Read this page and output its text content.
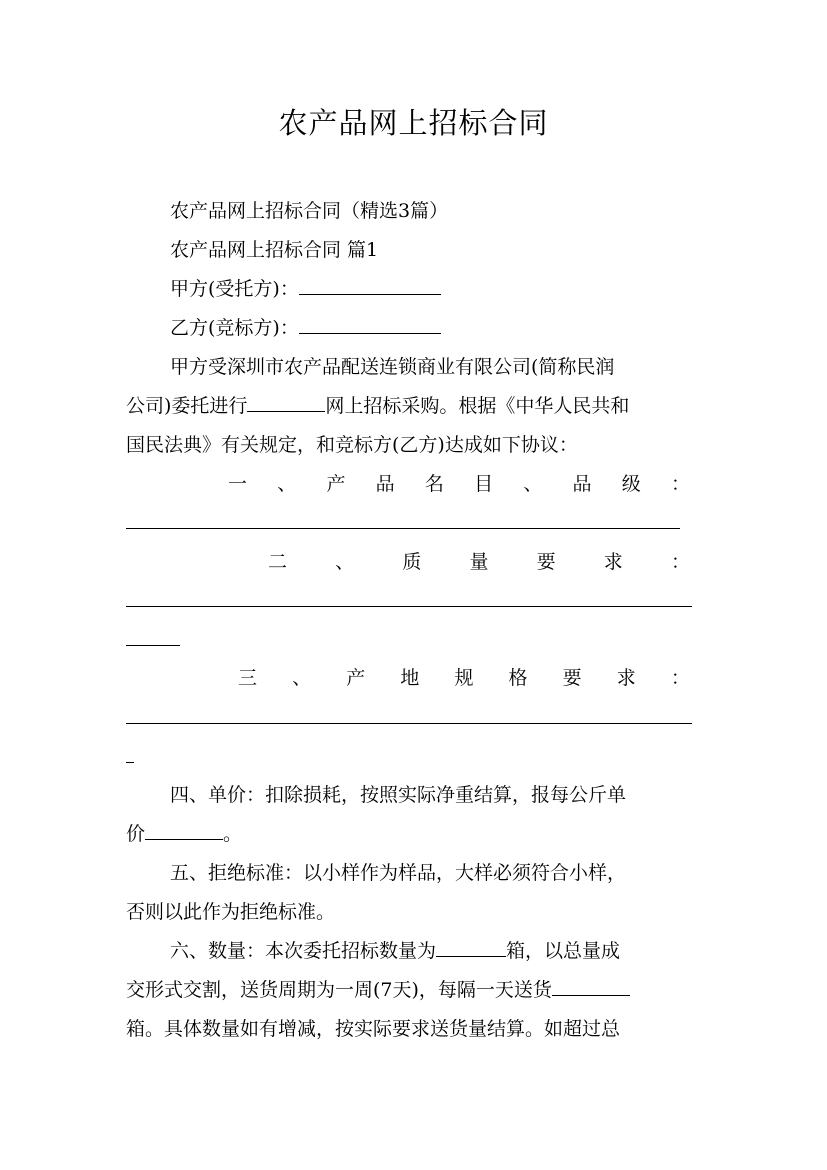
农产品网上招标合同
农产品网上招标合同（精选3篇）
农产品网上招标合同 篇1
甲方(受托方)：
乙方(竞标方)：
甲方受深圳市农产品配送连锁商业有限公司(简称民润
公司)委托进行	网上招标采购。根据《中华人民共和
国民法典》有关规定，和竞标方(乙方)达成如下协议：
一 、 产 品 名 目 、 品 级 ：
二	、	质	量	要	求	：
三 、 产 地 规 格 要 求 ：
四、单价：扣除损耗，按照实际净重结算，报每公斤单
价	。
五、拒绝标准：以小样作为样品，大样必须符合小样，
否则以此作为拒绝标准。
六、数量：本次委托招标数量为	箱，以总量成
交形式交割，送货周期为一周(7天)，每隔一天送货
箱。具体数量如有增减，按实际要求送货量结算。如超过总
